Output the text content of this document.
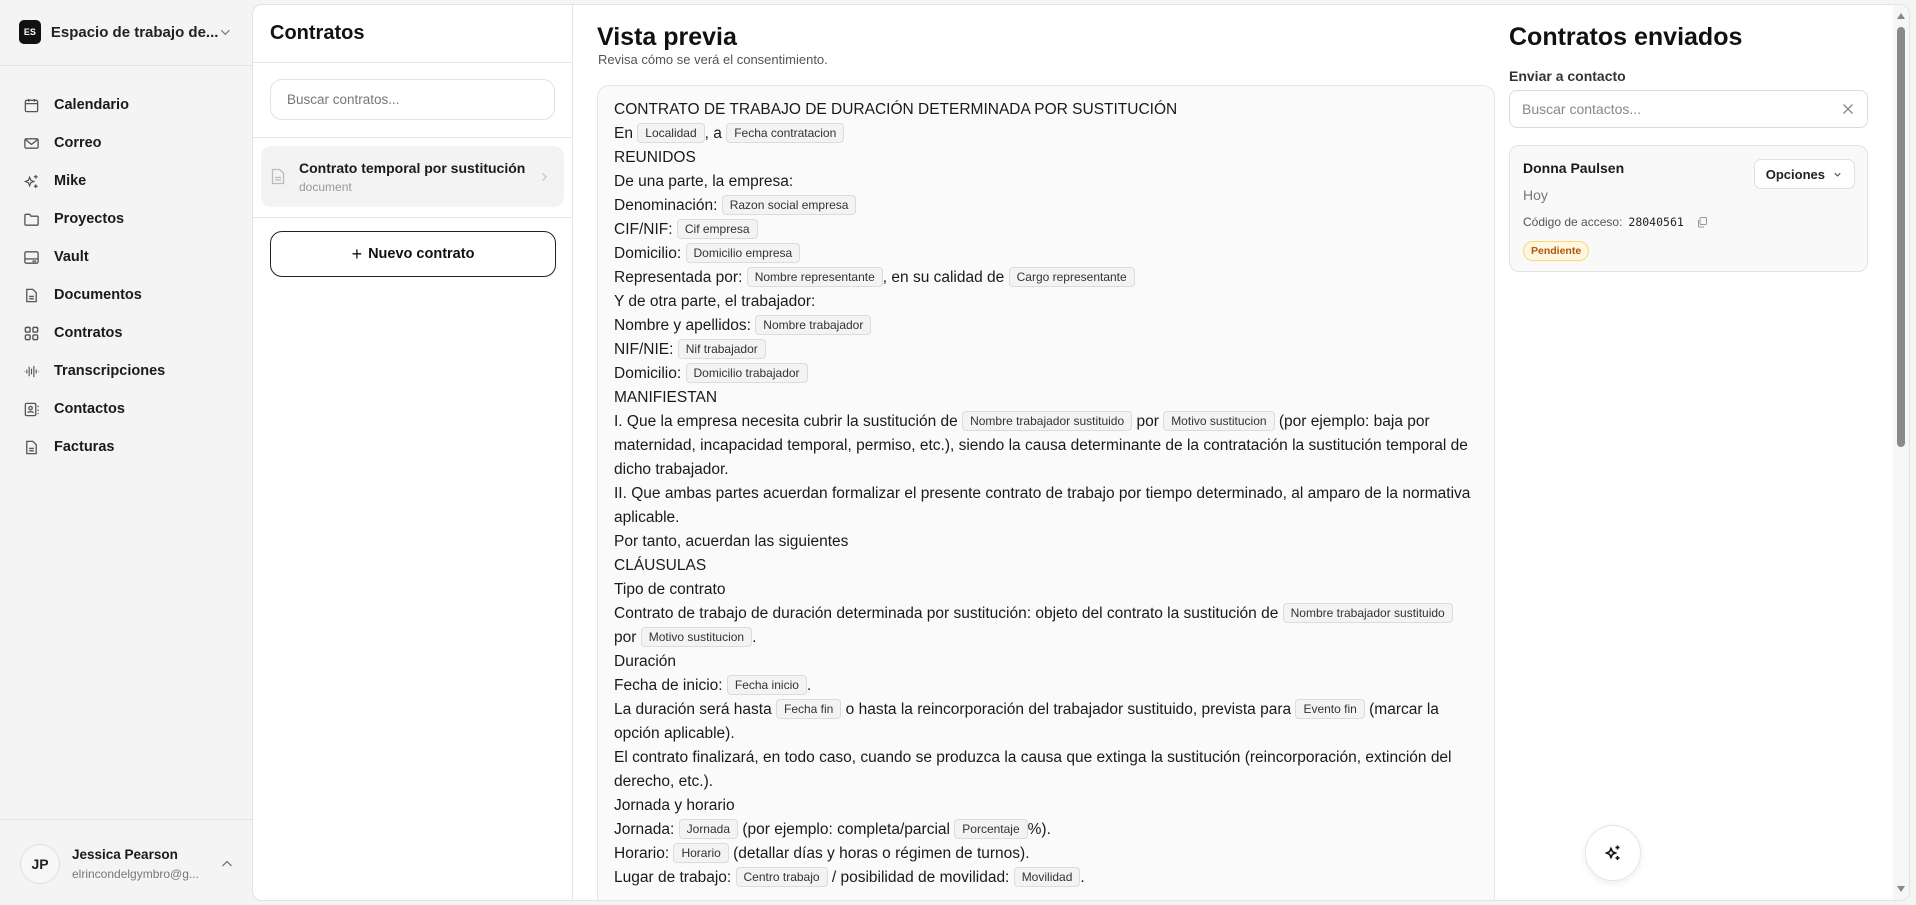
ES Espacio de trabajo de...
Calendario
Correo
Mike
Proyectos
Vault
Documentos
Contratos
Transcripciones
Contactos
Facturas
JP
Jessica Pearson
elrincondelgymbro@g...
Contratos
Buscar contratos...
Contrato temporal por sustitución
document
+ Nuevo contrato
Vista previa
Revisa cómo se verá el consentimiento.

CONTRATO DE TRABAJO DE DURACIÓN DETERMINADA POR SUSTITUCIÓN

En Localidad , a Fecha contratacion

REUNIDOS

De una parte, la empresa:

Denominación: Razon social empresa

CIF/NIF: Cif empresa

Domicilio: Domicilio empresa

Representada por: Nombre representante , en su calidad de Cargo representante

Y de otra parte, el trabajador:

Nombre y apellidos: Nombre trabajador

NIF/NIE: Nif trabajador

Domicilio: Domicilio trabajador

MANIFIESTAN

I. Que la empresa necesita cubrir la sustitución de Nombre trabajador sustituido por Motivo sustitucion (por ejemplo: baja por maternidad, incapacidad temporal, permiso, etc.), siendo la causa determinante de la contratación la sustitución temporal de dicho trabajador.

II. Que ambas partes acuerdan formalizar el presente contrato de trabajo por tiempo determinado, al amparo de la normativa aplicable.

Por tanto, acuerdan las siguientes

CLÁUSULAS

Tipo de contrato

Contrato de trabajo de duración determinada por sustitución: objeto del contrato la sustitución de Nombre trabajador sustituido por Motivo sustitucion .

Duración

Fecha de inicio: Fecha inicio .

La duración será hasta Fecha fin o hasta la reincorporación del trabajador sustituido, prevista para Evento fin (marcar la opción aplicable).

El contrato finalizará, en todo caso, cuando se produzca la causa que extinga la sustitución (reincorporación, extinción del derecho, etc.).

Jornada y horario

Jornada: Jornada (por ejemplo: completa/parcial Porcentaje %).

Horario: Horario (detallar días y horas o régimen de turnos).

Lugar de trabajo: Centro trabajo / posibilidad de movilidad: Movilidad .

Contratos enviados
Enviar a contacto
Buscar contactos...
Donna Paulsen
Hoy
Código de acceso: 28040561
Pendiente
Opciones
